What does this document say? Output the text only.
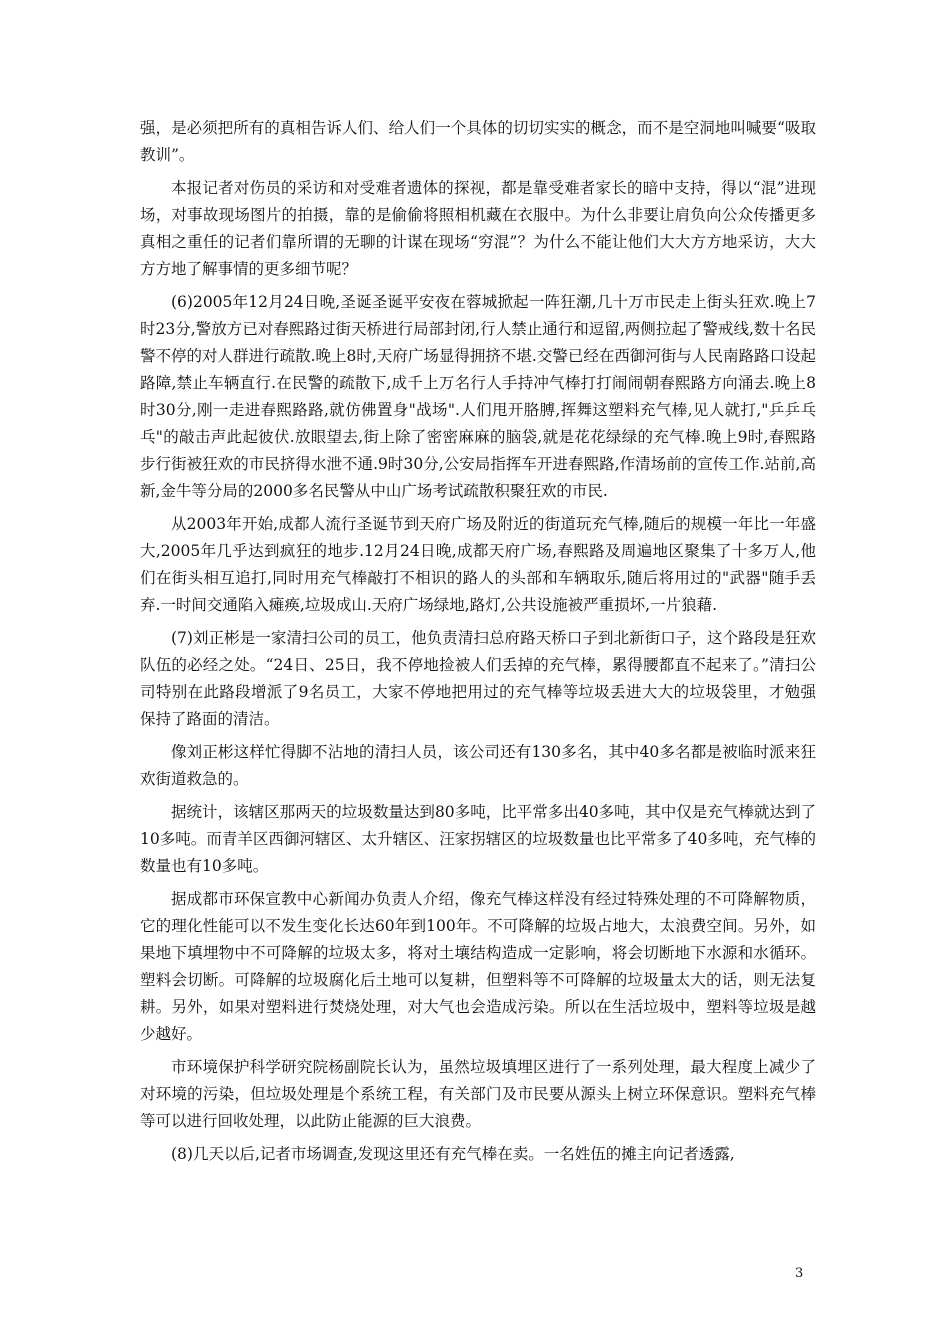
强，是必须把所有的真相告诉人们、给人们一个具体的切切实实的概念，而不是空洞地叫喊要“吸取教训”。

本报记者对伤员的采访和对受难者遗体的探视，都是靠受难者家长的暗中支持，得以“混”进现场，对事故现场图片的拍摄，靠的是偷偷将照相机藏在衣服中。为什么非要让肩负向公众传播更多真相之重任的记者们靠所谓的无聊的计谋在现场“穷混”？为什么不能让他们大大方方地采访，大大方方地了解事情的更多细节呢？

(6)2005年12月24日晚,圣诞圣诞平安夜在蓉城掀起一阵狂潮,几十万市民走上街头狂欢.晚上7时23分,警放方已对春熙路过街天桥进行局部封闭,行人禁止通行和逗留,两侧拉起了警戒线,数十名民警不停的对人群进行疏散.晚上8时,天府广场显得拥挤不堪.交警已经在西御河街与人民南路路口设起路障,禁止车辆直行.在民警的疏散下,成千上万名行人手持冲气棒打打闹闹朝春熙路方向涌去.晚上8时30分,刚一走进春熙路路,就仿佛置身"战场".人们甩开胳膊,挥舞这塑料充气棒,见人就打,"乒乒乓乓"的敲击声此起彼伏.放眼望去,街上除了密密麻麻的脑袋,就是花花绿绿的充气棒.晚上9时,春熙路步行街被狂欢的市民挤得水泄不通.9时30分,公安局指挥车开进春熙路,作清场前的宣传工作.站前,高新,金牛等分局的2000多名民警从中山广场考试疏散积聚狂欢的市民.

从2003年开始,成都人流行圣诞节到天府广场及附近的街道玩充气棒,随后的规模一年比一年盛大,2005年几乎达到疯狂的地步.12月24日晚,成都天府广场,春熙路及周遍地区聚集了十多万人,他们在街头相互追打,同时用充气棒敲打不相识的路人的头部和车辆取乐,随后将用过的"武器"随手丢弃.一时间交通陷入瘫痪,垃圾成山.天府广场绿地,路灯,公共设施被严重损坏,一片狼藉.

(7)刘正彬是一家清扫公司的员工，他负责清扫总府路天桥口子到北新街口子，这个路段是狂欢队伍的必经之处。“24日、25日，我不停地捡被人们丢掉的充气棒，累得腰都直不起来了。”清扫公司特别在此路段增派了9名员工，大家不停地把用过的充气棒等垃圾丢进大大的垃圾袋里，才勉强保持了路面的清洁。

像刘正彬这样忙得脚不沾地的清扫人员，该公司还有130多名，其中40多名都是被临时派来狂欢街道救急的。

据统计，该辖区那两天的垃圾数量达到80多吨，比平常多出40多吨，其中仅是充气棒就达到了10多吨。而青羊区西御河辖区、太升辖区、汪家拐辖区的垃圾数量也比平常多了40多吨，充气棒的数量也有10多吨。

据成都市环保宣教中心新闻办负责人介绍，像充气棒这样没有经过特殊处理的不可降解物质，它的理化性能可以不发生变化长达60年到100年。不可降解的垃圾占地大，太浪费空间。另外，如果地下填埋物中不可降解的垃圾太多，将对土壤结构造成一定影响，将会切断地下水源和水循环。塑料会切断。可降解的垃圾腐化后土地可以复耕，但塑料等不可降解的垃圾量太大的话，则无法复耕。另外，如果对塑料进行焚烧处理，对大气也会造成污染。所以在生活垃圾中，塑料等垃圾是越少越好。

市环境保护科学研究院杨副院长认为，虽然垃圾填埋区进行了一系列处理，最大程度上减少了对环境的污染，但垃圾处理是个系统工程，有关部门及市民要从源头上树立环保意识。塑料充气棒等可以进行回收处理，以此防止能源的巨大浪费。

(8)几天以后,记者市场调查,发现这里还有充气棒在卖。一名姓伍的摊主向记者透露,

3
